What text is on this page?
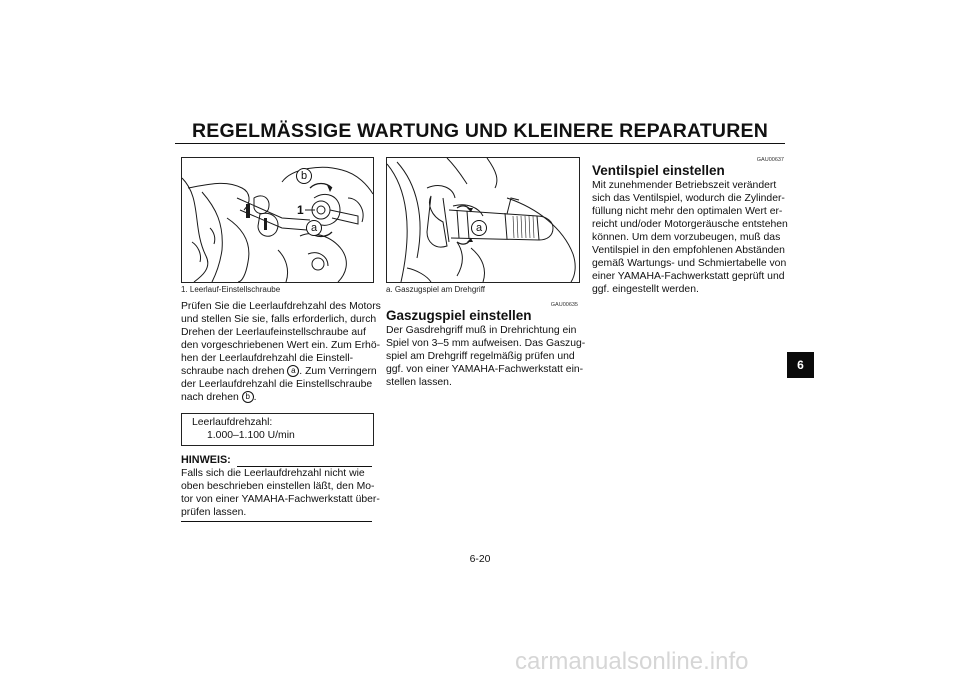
REGELMÄSSIGE WARTUNG UND KLEINERE REPARATUREN
1
b
a
1. Leerlauf-Einstellschraube

Prüfen Sie die Leerlaufdrehzahl des Motors

und stellen Sie sie, falls erforderlich, durch

Drehen der Leerlaufeinstellschraube auf

den vorgeschriebenen Wert ein. Zum Erhö-

hen der Leerlaufdrehzahl die Einstell-

schraube nach drehen a . Zum Verringern

der Leerlaufdrehzahl die Einstellschraube

nach drehen b .

Leerlaufdrehzahl:
1.000–1.100 U/min
HINWEIS:

Falls sich die Leerlaufdrehzahl nicht wie

oben beschrieben einstellen läßt, den Mo-

tor von einer YAMAHA-Fachwerkstatt über-

prüfen lassen.

a
a. Gaszugspiel am Drehgriff
GAU00635
Gaszugspiel einstellen

Der Gasdrehgriff muß in Drehrichtung ein

Spiel von 3–5 mm aufweisen. Das Gaszug-

spiel am Drehgriff regelmäßig prüfen und

ggf. von einer YAMAHA-Fachwerkstatt ein-

stellen lassen.

GAU00637
Ventilspiel einstellen

Mit zunehmender Betriebszeit verändert

sich das Ventilspiel, wodurch die Zylinder-

füllung nicht mehr den optimalen Wert er-

reicht und/oder Motorgeräusche entstehen

können. Um dem vorzubeugen, muß das

Ventilspiel in den empfohlenen Abständen

gemäß Wartungs- und Schmiertabelle von

einer YAMAHA-Fachwerkstatt geprüft und

ggf. eingestellt werden.

6
6-20
carmanualsonline.info
